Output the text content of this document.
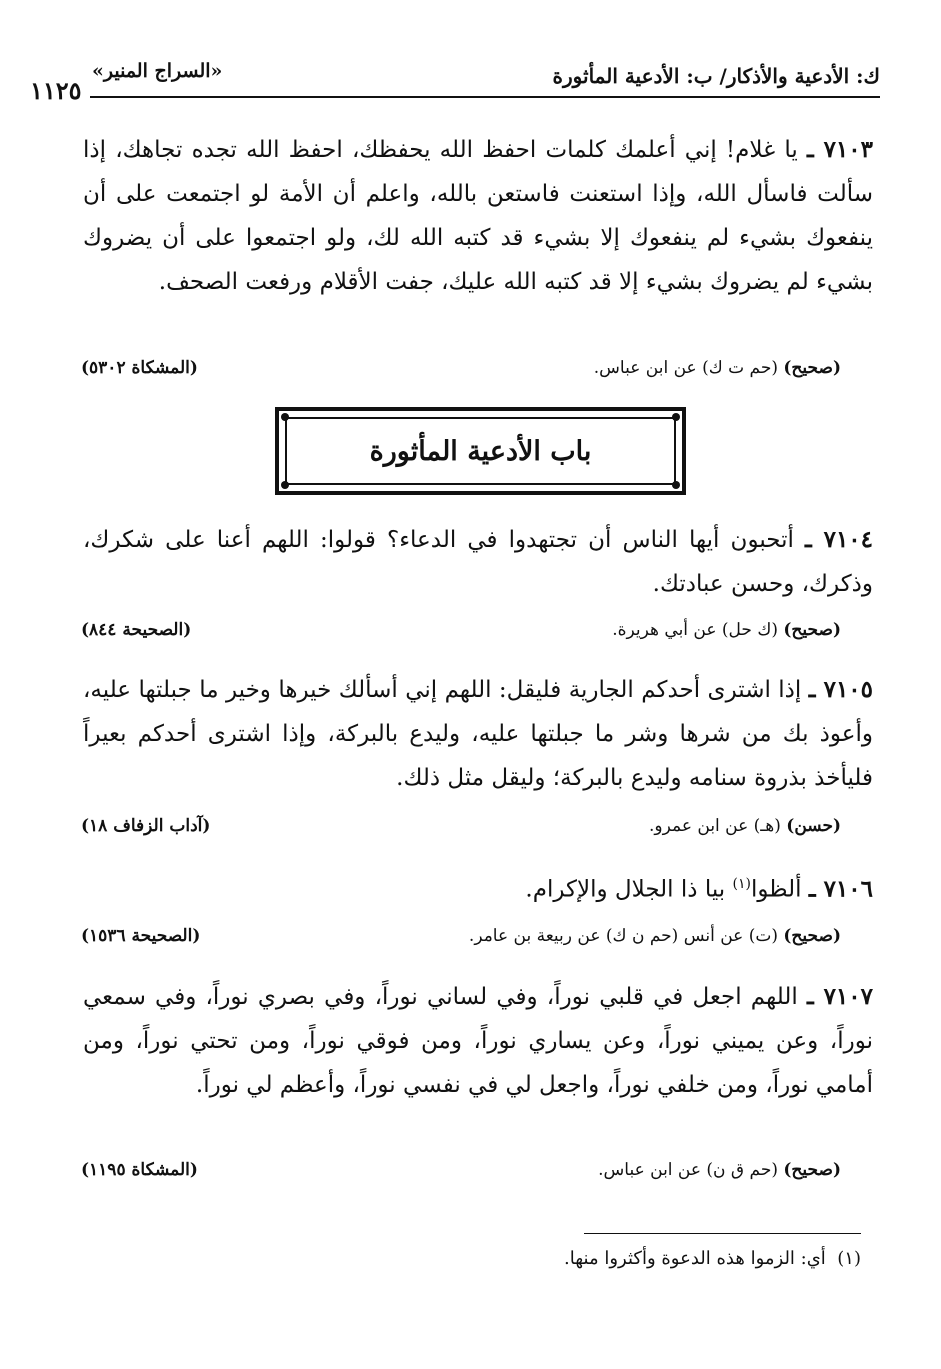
ك: الأدعية والأذكار/ ب: الأدعية المأثورة
«السراج المنير»
١١٢٥
٧١٠٣ ـ يا غلام! إني أعلمك كلمات احفظ الله يحفظك، احفظ الله تجده تجاهك، إذا سألت فاسأل الله، وإذا استعنت فاستعن بالله، واعلم أن الأمة لو اجتمعت على أن ينفعوك بشيء لم ينفعوك إلا بشيء قد كتبه الله لك، ولو اجتمعوا على أن يضروك بشيء لم يضروك بشيء إلا قد كتبه الله عليك، جفت الأقلام ورفعت الصحف.
(صحيح) (حم ت ك) عن ابن عباس.
(المشكاة ٥٣٠٢)
باب الأدعية المأثورة
٧١٠٤ ـ أتحبون أيها الناس أن تجتهدوا في الدعاء؟ قولوا: اللهم أعنا على شكرك، وذكرك، وحسن عبادتك.
(صحيح) (ك حل) عن أبي هريرة.
(الصحيحة ٨٤٤)
٧١٠٥ ـ إذا اشترى أحدكم الجارية فليقل: اللهم إني أسألك خيرها وخير ما جبلتها عليه، وأعوذ بك من شرها وشر ما جبلتها عليه، وليدع بالبركة، وإذا اشترى أحدكم بعيراً فليأخذ بذروة سنامه وليدع بالبركة؛ وليقل مثل ذلك.
(حسن) (هـ) عن ابن عمرو.
(آداب الزفاف ١٨)
٧١٠٦ ـ ألظوا$^{(١)}$ بيا ذا الجلال والإكرام.
(صحيح) (ت) عن أنس (حم ن ك) عن ربيعة بن عامر.
(الصحيحة ١٥٣٦)
٧١٠٧ ـ اللهم اجعل في قلبي نوراً، وفي لساني نوراً، وفي بصري نوراً، وفي سمعي نوراً، وعن يميني نوراً، وعن يساري نوراً، ومن فوقي نوراً، ومن تحتي نوراً، ومن أمامي نوراً، ومن خلفي نوراً، واجعل لي في نفسي نوراً، وأعظم لي نوراً.
(صحيح) (حم ق ن) عن ابن عباس.
(المشكاة ١١٩٥)
(١)  أي: الزموا هذه الدعوة وأكثروا منها.
